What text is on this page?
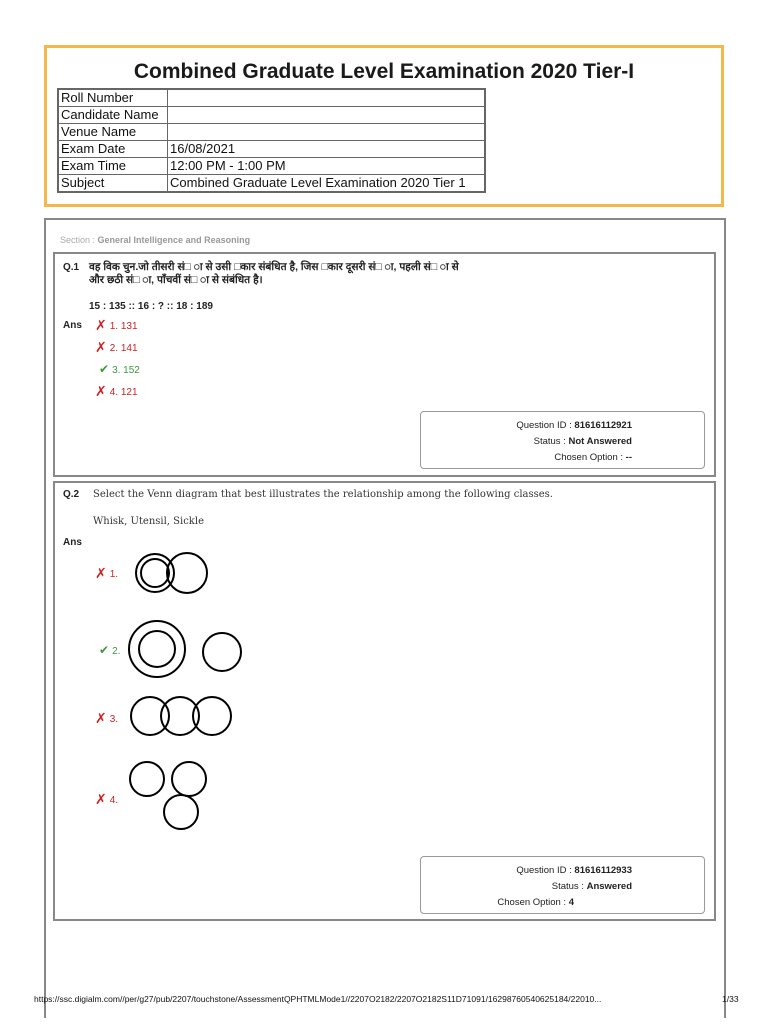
Combined Graduate Level Examination 2020 Tier-I
Roll Number	
Candidate Name	
Venue Name	
Exam Date	16/08/2021
Exam Time	12:00 PM - 1:00 PM
Subject	Combined Graduate Level Examination 2020 Tier 1
Section : General Intelligence and Reasoning
Q.1 वह विक चुन.जो तीसरी सं□ ा से उसी □कार संबंधित है, जिस □कार दूसरी सं□ ा, पहली सं□ ा से
और छठी सं□ ा, पाँचवीं सं□ ा से संबंधित है।
15 : 135 :: 16 : ? :: 18 : 189
Ans ✗ 1. 131
✗ 2. 141
✔ 3. 152
✗ 4. 121
Question ID : 81616112921
Status : Not Answered
Chosen Option : --
Q.2 Select the Venn diagram that best illustrates the relationship among the following classes.
Whisk, Utensil, Sickle
Ans
✗ 1.
✔ 2.
✗ 3.
✗ 4.
Question ID : 81616112933
Status : Answered
Chosen Option : 4
https://ssc.digialm.com//per/g27/pub/2207/touchstone/AssessmentQPHTMLMode1//2207O2182/2207O2182S11D71091/16298760540625184/22010...	1/33
